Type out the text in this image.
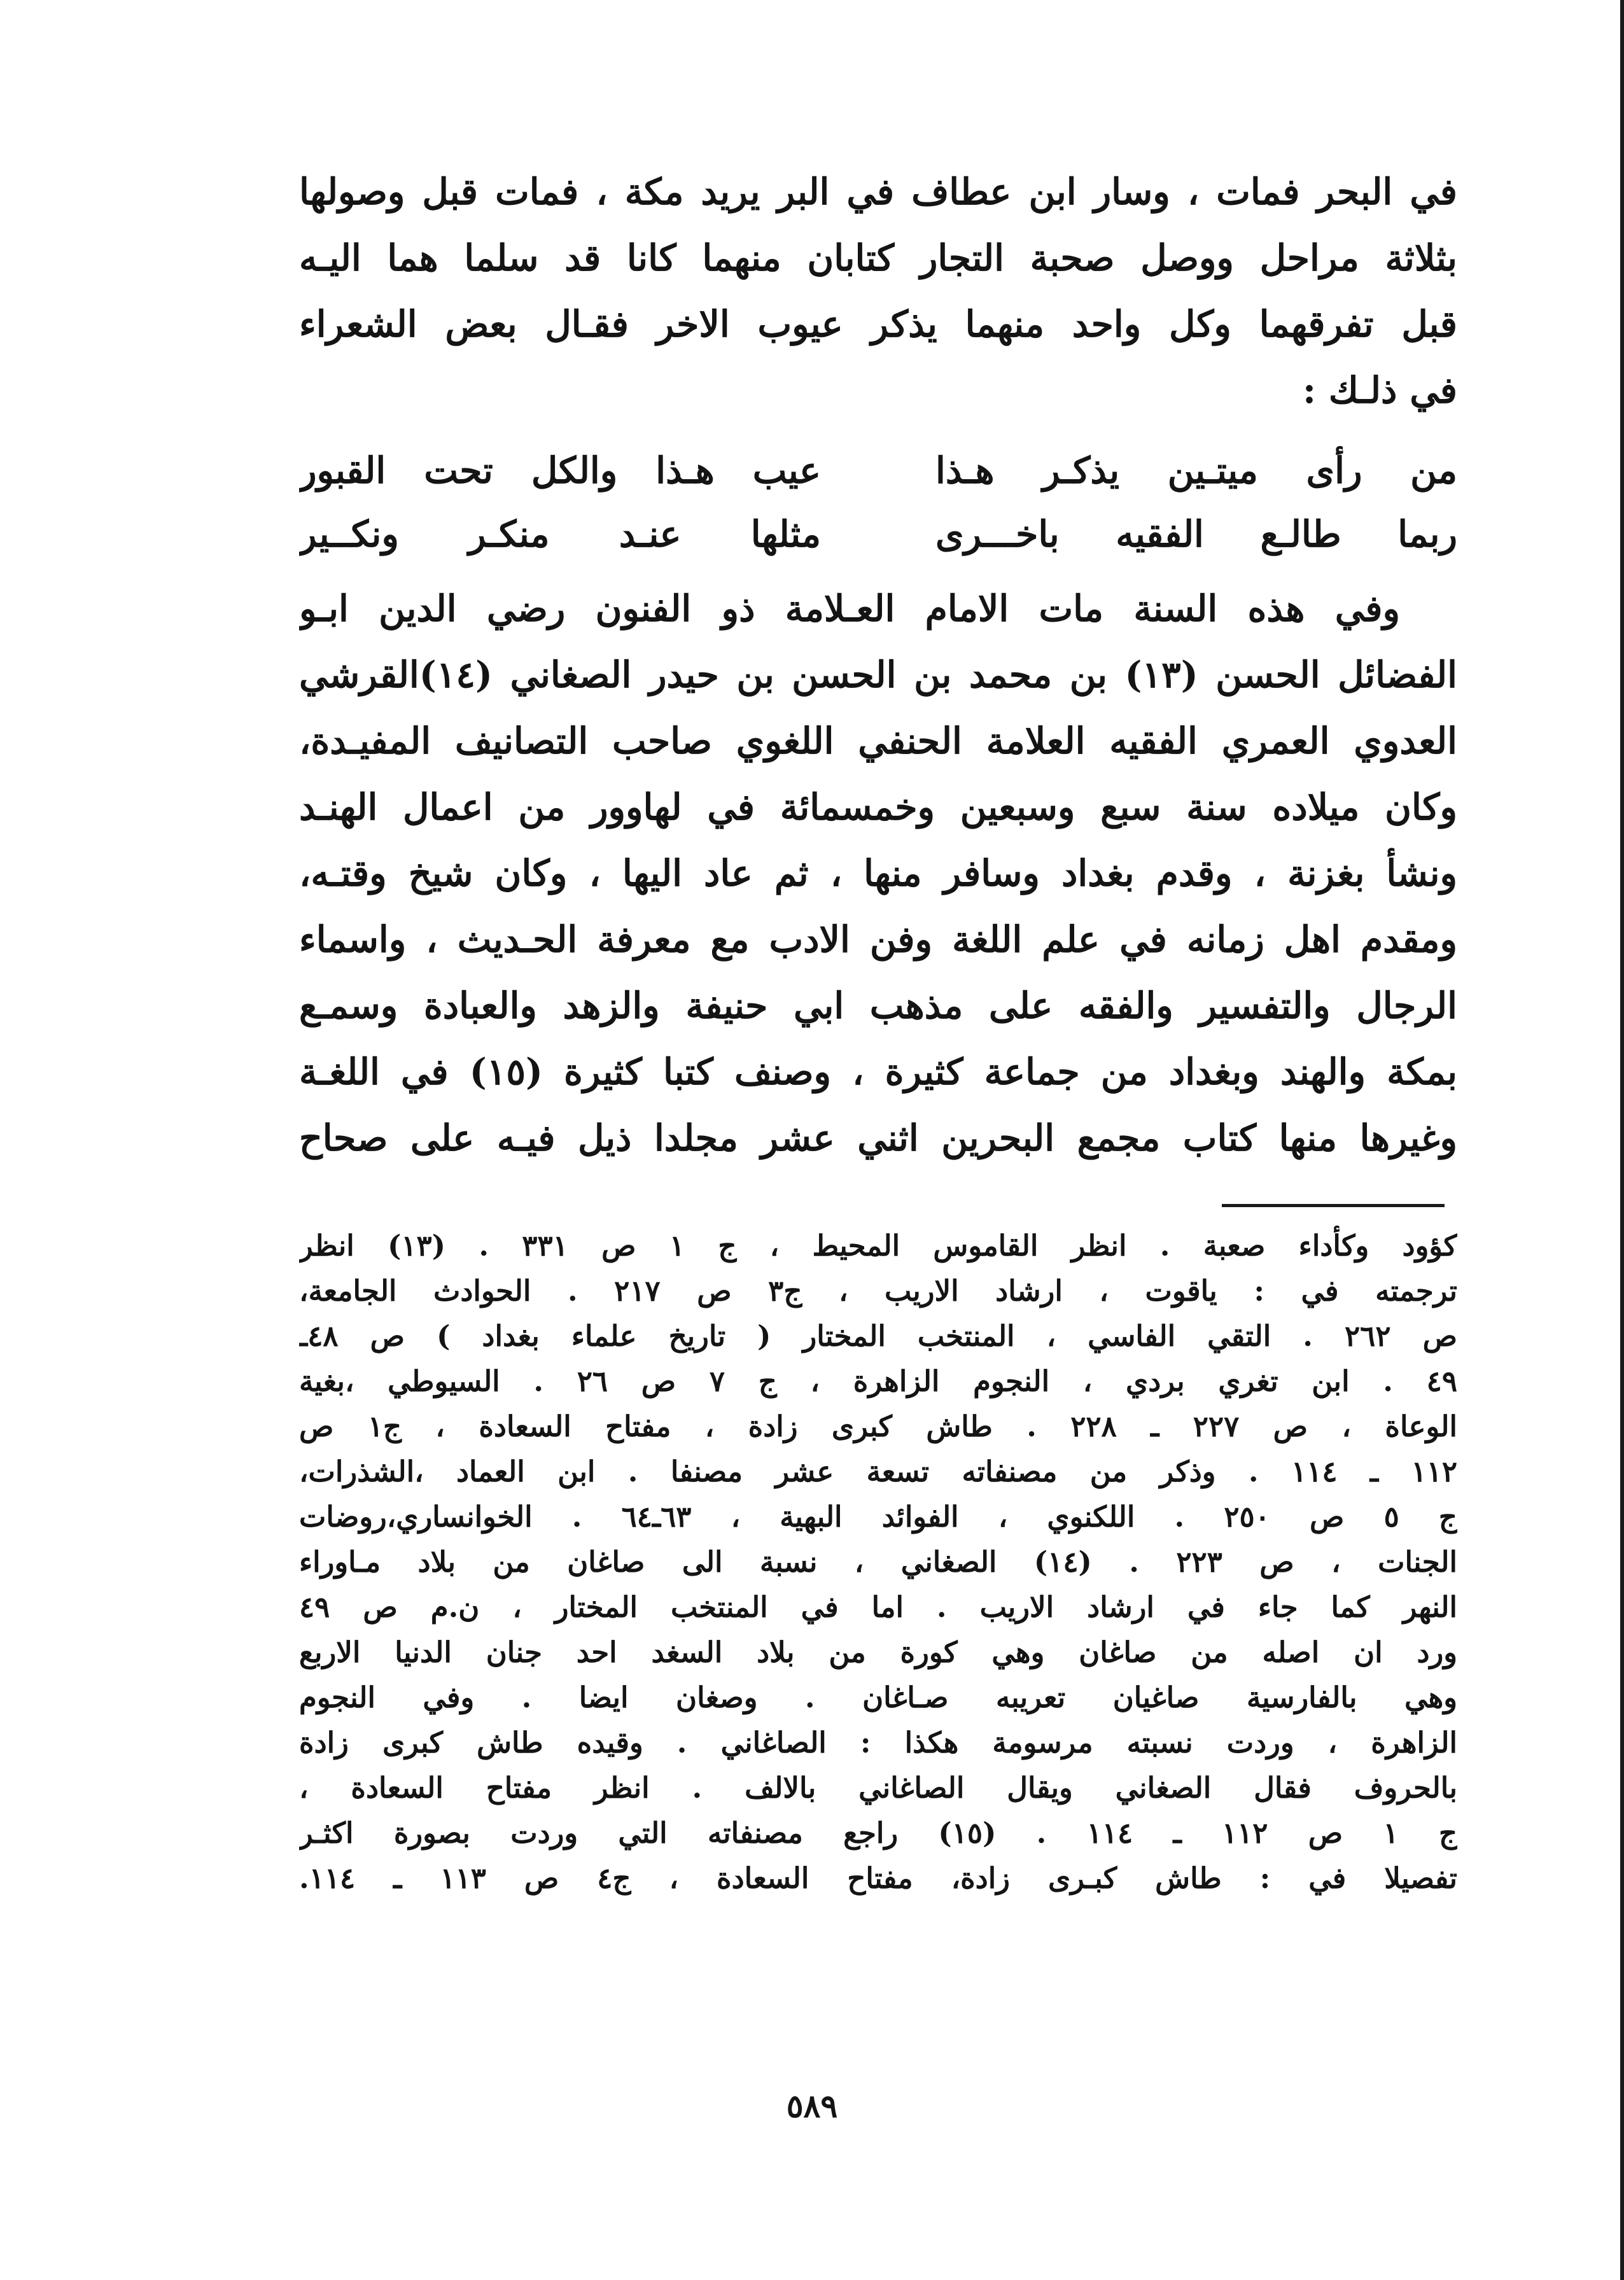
في البحر فمات ، وسار ابن عطاف في البر يريد مكة ، فمات قبل وصولها
بثلاثة مراحل ووصل صحبة التجار كتابان منهما كانا قد سلما هما اليـه
قبل تفرقهما وكل واحد منهما يذكر عيوب الاخر فقـال بعض الشعراء
في ذلـك :
من رأى ميتـين يذكـر هـذا
عيب هـذا والكل تحت القبور
ربما طالـع الفقيه باخـــرى
مثلها عنـد منكـر ونكــير
وفي هذه السنة مات الامام العـلامة ذو الفنون رضي الدين ابـو
الفضائل الحسن (١٣) بن محمد بن الحسن بن حيدر الصغاني (١٤)القرشي
العدوي العمري الفقيه العلامة الحنفي اللغوي صاحب التصانيف المفيـدة،
وكان ميلاده سنة سبع وسبعين وخمسمائة في لهاوور من اعمال الهنـد
ونشأ بغزنة ، وقدم بغداد وسافر منها ، ثم عاد اليها ، وكان شيخ وقتـه،
ومقدم اهل زمانه في علم اللغة وفن الادب مع معرفة الحـديث ، واسماء
الرجال والتفسير والفقه على مذهب ابي حنيفة والزهد والعبادة وسمـع
بمكة والهند وبغداد من جماعة كثيرة ، وصنف كتبا كثيرة (١٥) في اللغـة
وغيرها منها كتاب مجمع البحرين اثني عشر مجلدا ذيل فيـه على صحاح
كؤود وكأداء صعبة . انظر القاموس المحيط ، ج ١ ص ٣٣١ . (١٣) انظر
ترجمته في : ياقوت ، ارشاد الاريب ، ج٣ ص ٢١٧ . الحوادث الجامعة،
ص ٢٦٢ . التقي الفاسي ، المنتخب المختار ( تاريخ علماء بغداد ) ص ٤٨ـ
٤٩ . ابن تغري بردي ، النجوم الزاهرة ، ج ٧ ص ٢٦ . السيوطي ،بغية
الوعاة ، ص ٢٢٧ ـ ٢٢٨ . طاش كبرى زادة ، مفتاح السعادة ، ج١ ص
١١٢ ـ ١١٤ . وذكر من مصنفاته تسعة عشر مصنفا . ابن العماد ،الشذرات،
ج ٥ ص ٢٥٠ . اللكنوي ، الفوائد البهية ، ٦٣ـ٦٤ . الخوانساري،روضات
الجنات ، ص ٢٢٣ . (١٤) الصغاني ، نسبة الى صاغان من بلاد مـاوراء
النهر كما جاء في ارشاد الاريب . اما في المنتخب المختار ، ن.م ص ٤٩
ورد ان اصله من صاغان وهي كورة من بلاد السغد احد جنان الدنيا الاربع
وهي بالفارسية صاغيان تعريبه صـاغان . وصغان ايضا . وفي النجوم
الزاهرة ، وردت نسبته مرسومة هكذا : الصاغاني . وقيده طاش كبرى زادة
بالحروف فقال الصغاني ويقال الصاغاني بالالف . انظر مفتاح السعادة ،
ج ١ ص ١١٢ ـ ١١٤ . (١٥) راجع مصنفاته التي وردت بصورة اكثـر
تفصيلا في : طاش كبـرى زادة، مفتاح السعادة ، ج٤ ص ١١٣ ـ ١١٤.
٥٨٩
